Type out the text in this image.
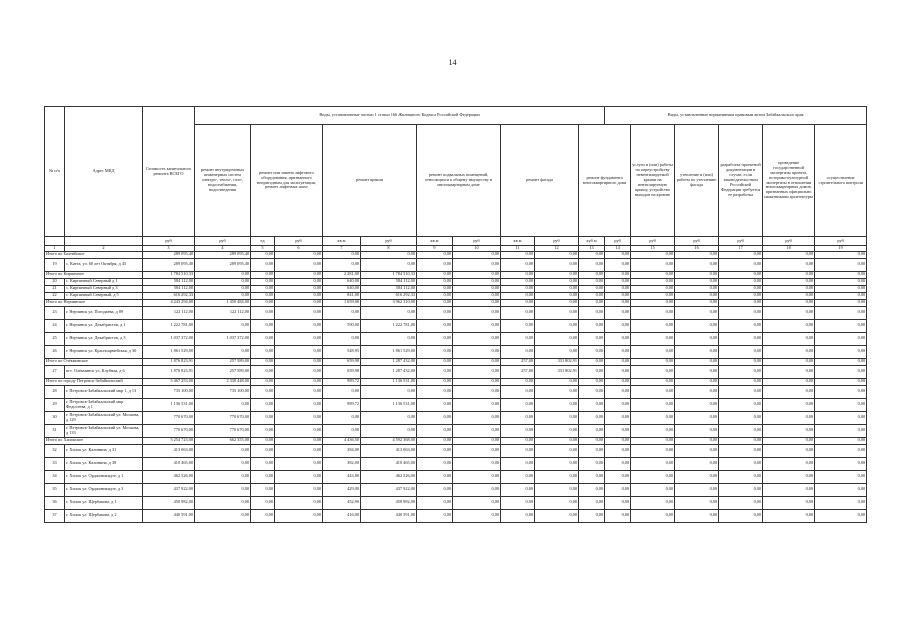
14
№ п/п	Адрес МКД	Стоимость капитального ремонта ВСЕГО	Виды, установленные частью 1 статьи 166 Жилищного Кодекса Российской Федерации										Виды, установленные нормативным правовым актом Забайкальского края					
			ремонт внутридомовых инженерных систем электро-, тепло-, газо-, водоснабжения, водоотведения	ремонт или замена лифтового оборудования, признанного непригодным для эксплуатации, ремонт лифтовых шахт		ремонт крыши		ремонт подвальных помещений, относящихся к общему имуществу в многоквартирном доме		ремонт фасада		ремонт фундамента многоквартирного дома		услуги и (или) работы по переустройству невентилируемой крыши на вентилируемую крышу, устройство выходов на кровлю	утепление и (или) работы по утеплению фасада	разработка проектной документации в случае, если законодательством Российской Федерации требуется ее разработка	проведение государственной экспертизы проекта, историко-культурной экспертизы в отношении многоквартирных домов, признанных официально памятниками архитектуры	осуществление строительного контроля
		руб	руб	ед	руб	кв.м	руб	кв.м	руб	кв.м	руб	куб.м	руб	руб	руб	руб	руб	руб
1	2	3	4	5	6	7	8	9	10	11	12	13	14	15	16	17	18	19
Итого по Балтийское		289 095,40	289 095,40	0,00	0,00	0,00	0,00	0,00	0,00	0,00	0,00	0,00	0,00	0,00	0,00	0,00	0,00	0,00
19	с. Катта, ул. 60 лет Октября, д 45	289 095,40	289 095,40	0,00	0,00	0,00	0,00	0,00	0,00	0,00	0,00	0,00	0,00	0,00	0,00	0,00	0,00	0,00
Итого по Кирпичное		1 784 510,33	0,00	0,00	0,00	2 281,00	1 784 510,33	0,00	0,00	0,00	0,00	0,00	0,00	0,00	0,00	0,00	0,00	0,00
20	с. Кирпичный Северный д 1	584 112,00	0,00	0,00	0,00	640,00	584 112,00	0,00	0,00	0,00	0,00	0,00	0,00	0,00	0,00	0,00	0,00	0,00
21	с. Кирпичный Северный д 3	584 112,00	0,00	0,00	0,00	640,00	584 112,00	0,00	0,00	0,00	0,00	0,00	0,00	0,00	0,00	0,00	0,00	0,00
22	с. Кирпичный Северный, д 5	616 292,33	0,00	0,00	0,00	841,00	616 292,33	0,00	0,00	0,00	0,00	0,00	0,00	0,00	0,00	0,00	0,00	0,00
Итого по Нерчинское		4 243 294,00	1 450 484,00	0,00	0,00	1 659,00	3 962 310,00	0,00	0,00	0,00	0,00	0,00	0,00	0,00	0,00	0,00	0,00	0,00
23	г. Нерчинск ул. Погодаева, д 89	122 112,00	122 112,00	0,00	0,00	0,00	0,00	0,00	0,00	0,00	0,00	0,00	0,00	0,00	0,00	0,00	0,00	0,00
24	г. Нерчинск ул. Декабристов, д 1	1 222 781,00	0,00	0,00	0,00	590,00	1 222 781,00	0,00	0,00	0,00	0,00	0,00	0,00	0,00	0,00	0,00	0,00	0,00
25	г. Нерчинск ул. Декабристов, д 3	1 037 372,00	1 037 372,00	0,00	0,00	0,00	0,00	0,00	0,00	0,00	0,00	0,00	0,00	0,00	0,00	0,00	0,00	0,00
26	г. Нерчинск ул. Красноармейская, д 30	1 861 529,00	0,00	0,00	0,00	548,95	1 861 529,00	0,00	0,00	0,00	0,00	0,00	0,00	0,00	0,00	0,00	0,00	0,00
Итого по Олёкминское		1 876 823,91	257 589,00	0,00	0,00	659,98	1 287 432,00	0,00	0,00	257,00	331 802,91	0,00	0,00	0,00	0,00	0,00	0,00	0,00
27	пгт. Олёкминск ул. Клубная, д 6	1 876 823,91	257 589,00	0,00	0,00	659,98	1 287 432,00	0,00	0,00	257,00	331 802,91	0,00	0,00	0,00	0,00	0,00	0,00	0,00
Итого по городу Петровск-Забайкальский		5 467 253,00	2 330 448,00	0,00	0,00	989,72	1 136 531,00	0,00	0,00	0,00	0,00	0,00	0,00	0,00	0,00	0,00	0,00	0,00
28	г. Петровск-Забайкальский мкр 1, д 13	735 100,00	735 100,00	0,00	0,00	0,00	0,00	0,00	0,00	0,00	0,00	0,00	0,00	0,00	0,00	0,00	0,00	0,00
29	г. Петровск-Забайкальский мкр Федосеева, д 1	1 136 531,00	0,00	0,00	0,00	989,72	1 136 531,00	0,00	0,00	0,00	0,00	0,00	0,00	0,00	0,00	0,00	0,00	0,00
30	г. Петровск-Забайкальский ул. Москова, д 129	770 670,00	770 670,00	0,00	0,00	0,00	0,00	0,00	0,00	0,00	0,00	0,00	0,00	0,00	0,00	0,00	0,00	0,00
31	г. Петровск-Забайкальский ул. Москова, д 133	770 670,00	770 670,00	0,00	0,00	0,00	0,00	0,00	0,00	0,00	0,00	0,00	0,00	0,00	0,00	0,00	0,00	0,00
Итого по Хилокское		5 254 723,00	662 355,00	0,00	0,00	4 436,50	4 592 368,00	0,00	0,00	0,00	0,00	0,00	0,00	0,00	0,00	0,00	0,00	0,00
32	г. Хилок ул. Калинина, д 31	413 063,00	0,00	0,00	0,00	384,00	413 063,00	0,00	0,00	0,00	0,00	0,00	0,00	0,00	0,00	0,00	0,00	0,00
33	г. Хилок ул. Калинина, д 38	410 465,00	0,00	0,00	0,00	382,00	410 465,00	0,00	0,00	0,00	0,00	0,00	0,00	0,00	0,00	0,00	0,00	0,00
34	г. Хилок ул. Орджоникидзе, д 1	462 526,00	0,00	0,00	0,00	443,80	462 526,00	0,00	0,00	0,00	0,00	0,00	0,00	0,00	0,00	0,00	0,00	0,00
35	г. Хилок ул. Орджоникидзе, д 3	437 922,00	0,00	0,00	0,00	429,00	437 922,00	0,00	0,00	0,00	0,00	0,00	0,00	0,00	0,00	0,00	0,00	0,00
36	г. Хилок ул. Щербакова, д 1	458 982,00	0,00	0,00	0,00	452,90	458 982,00	0,00	0,00	0,00	0,00	0,00	0,00	0,00	0,00	0,00	0,00	0,00
37	г. Хилок ул. Щербакова, д 2	440 591,00	0,00	0,00	0,00	416,00	440 591,00	0,00	0,00	0,00	0,00	0,00	0,00	0,00	0,00	0,00	0,00	0,00
